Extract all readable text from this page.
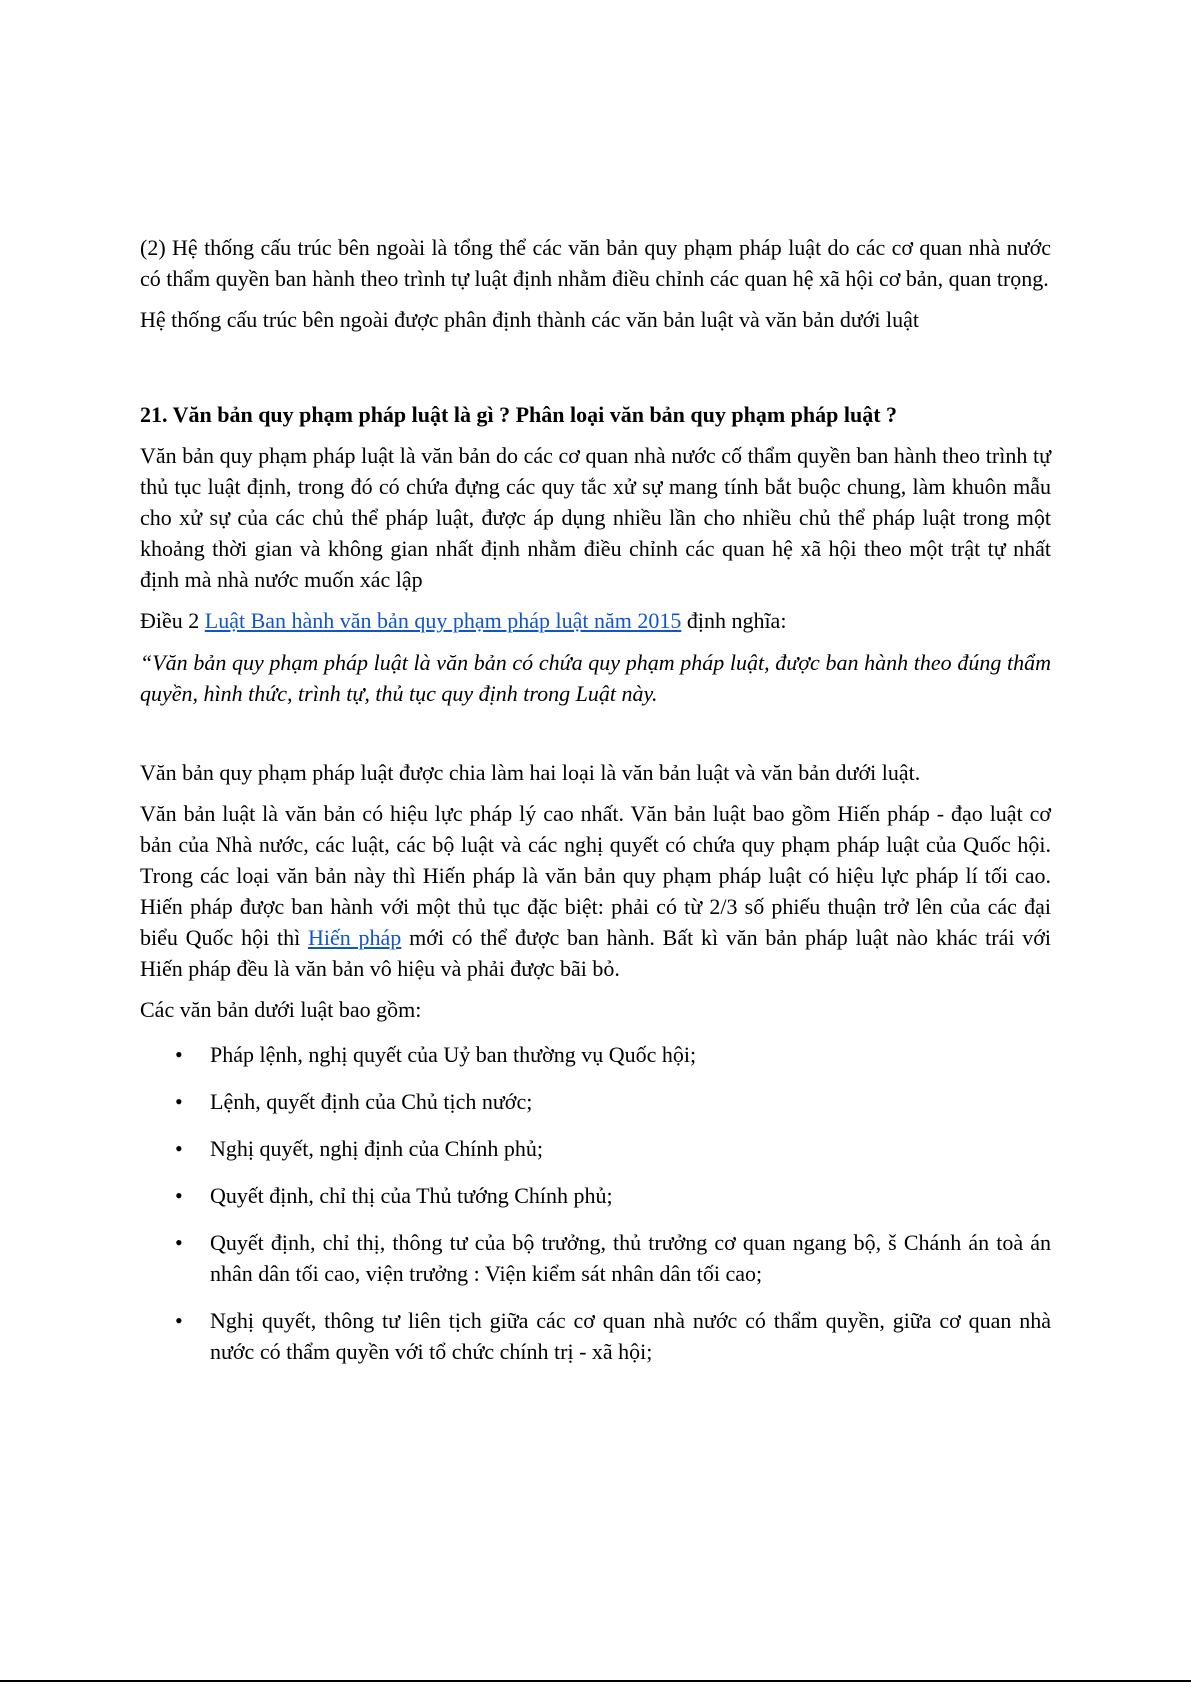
(2) Hệ thống cấu trúc bên ngoài là tổng thể các văn bản quy phạm pháp luật do các cơ quan nhà nước có thẩm quyền ban hành theo trình tự luật định nhằm điều chỉnh các quan hệ xã hội cơ bản, quan trọng.

Hệ thống cấu trúc bên ngoài được phân định thành các văn bản luật và văn bản dưới luật

21. Văn bản quy phạm pháp luật là gì ? Phân loại văn bản quy phạm pháp luật ?

Văn bản quy phạm pháp luật là văn bản do các cơ quan nhà nước cố thẩm quyền ban hành theo trình tự thủ tục luật định, trong đó có chứa đựng các quy tắc xử sự mang tính bắt buộc chung, làm khuôn mẫu cho xử sự của các chủ thể pháp luật, được áp dụng nhiều lần cho nhiều chủ thể pháp luật trong một khoảng thời gian và không gian nhất định nhằm điều chỉnh các quan hệ xã hội theo một trật tự nhất định mà nhà nước muốn xác lập

Điều 2 Luật Ban hành văn bản quy phạm pháp luật năm 2015 định nghĩa:

“Văn bản quy phạm pháp luật là văn bản có chứa quy phạm pháp luật, được ban hành theo đúng thẩm quyền, hình thức, trình tự, thủ tục quy định trong Luật này.

Văn bản quy phạm pháp luật được chia làm hai loại là văn bản luật và văn bản dưới luật.

Văn bản luật là văn bản có hiệu lực pháp lý cao nhất. Văn bản luật bao gồm Hiến pháp - đạo luật cơ bản của Nhà nước, các luật, các bộ luật và các nghị quyết có chứa quy phạm pháp luật của Quốc hội. Trong các loại văn bản này thì Hiến pháp là văn bản quy phạm pháp luật có hiệu lực pháp lí tối cao. Hiến pháp được ban hành với một thủ tục đặc biệt: phải có từ 2/3 số phiếu thuận trở lên của các đại biểu Quốc hội thì Hiến pháp mới có thể được ban hành. Bất kì văn bản pháp luật nào khác trái với Hiến pháp đều là văn bản vô hiệu và phải được bãi bỏ.

Các văn bản dưới luật bao gồm:

• Pháp lệnh, nghị quyết của Uỷ ban thường vụ Quốc hội;
• Lệnh, quyết định của Chủ tịch nước;
• Nghị quyết, nghị định của Chính phủ;
• Quyết định, chỉ thị của Thủ tướng Chính phủ;
• Quyết định, chỉ thị, thông tư của bộ trưởng, thủ trưởng cơ quan ngang bộ, š Chánh án toà án nhân dân tối cao, viện trưởng : Viện kiểm sát nhân dân tối cao;
• Nghị quyết, thông tư liên tịch giữa các cơ quan nhà nước có thẩm quyền, giữa cơ quan nhà nước có thẩm quyền với tổ chức chính trị - xã hội;
